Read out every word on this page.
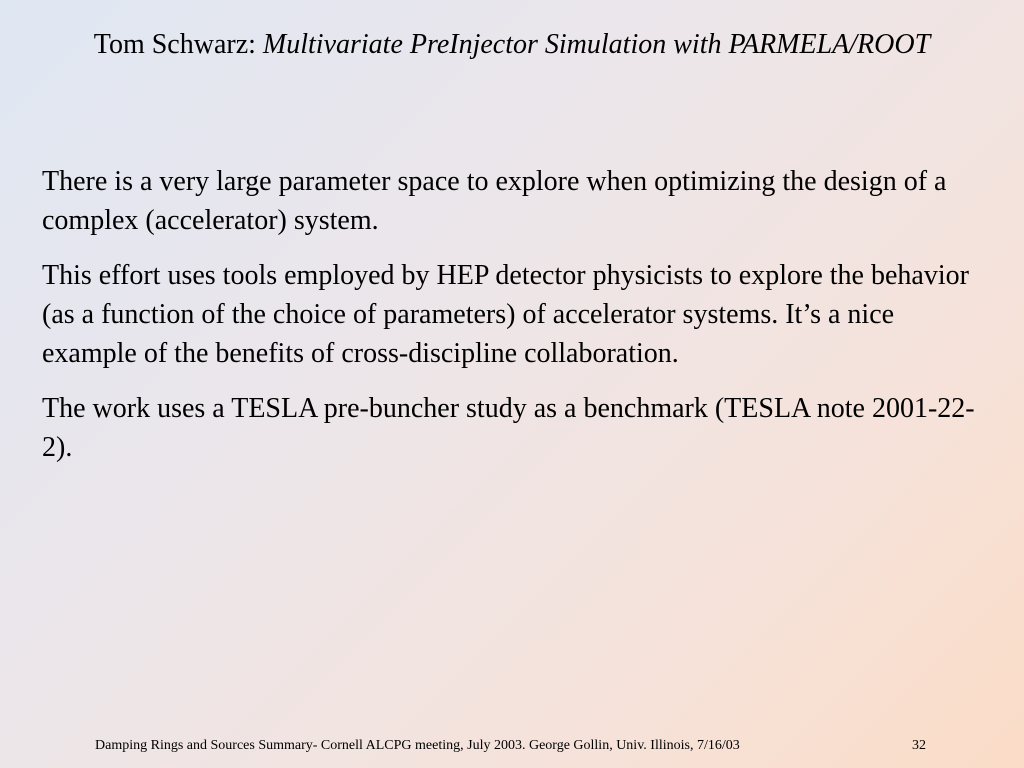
Tom Schwarz: Multivariate PreInjector Simulation with PARMELA/ROOT

There is a very large parameter space to explore when optimizing the design of a complex (accelerator) system.

This effort uses tools employed by HEP detector physicists to explore the behavior (as a function of the choice of parameters) of accelerator systems. It’s a nice example of the benefits of cross-discipline collaboration.

The work uses a TESLA pre-buncher study as a benchmark (TESLA note 2001-22-2).

Damping Rings and Sources Summary- Cornell ALCPG meeting, July 2003. George Gollin, Univ. Illinois, 7/16/03	32
